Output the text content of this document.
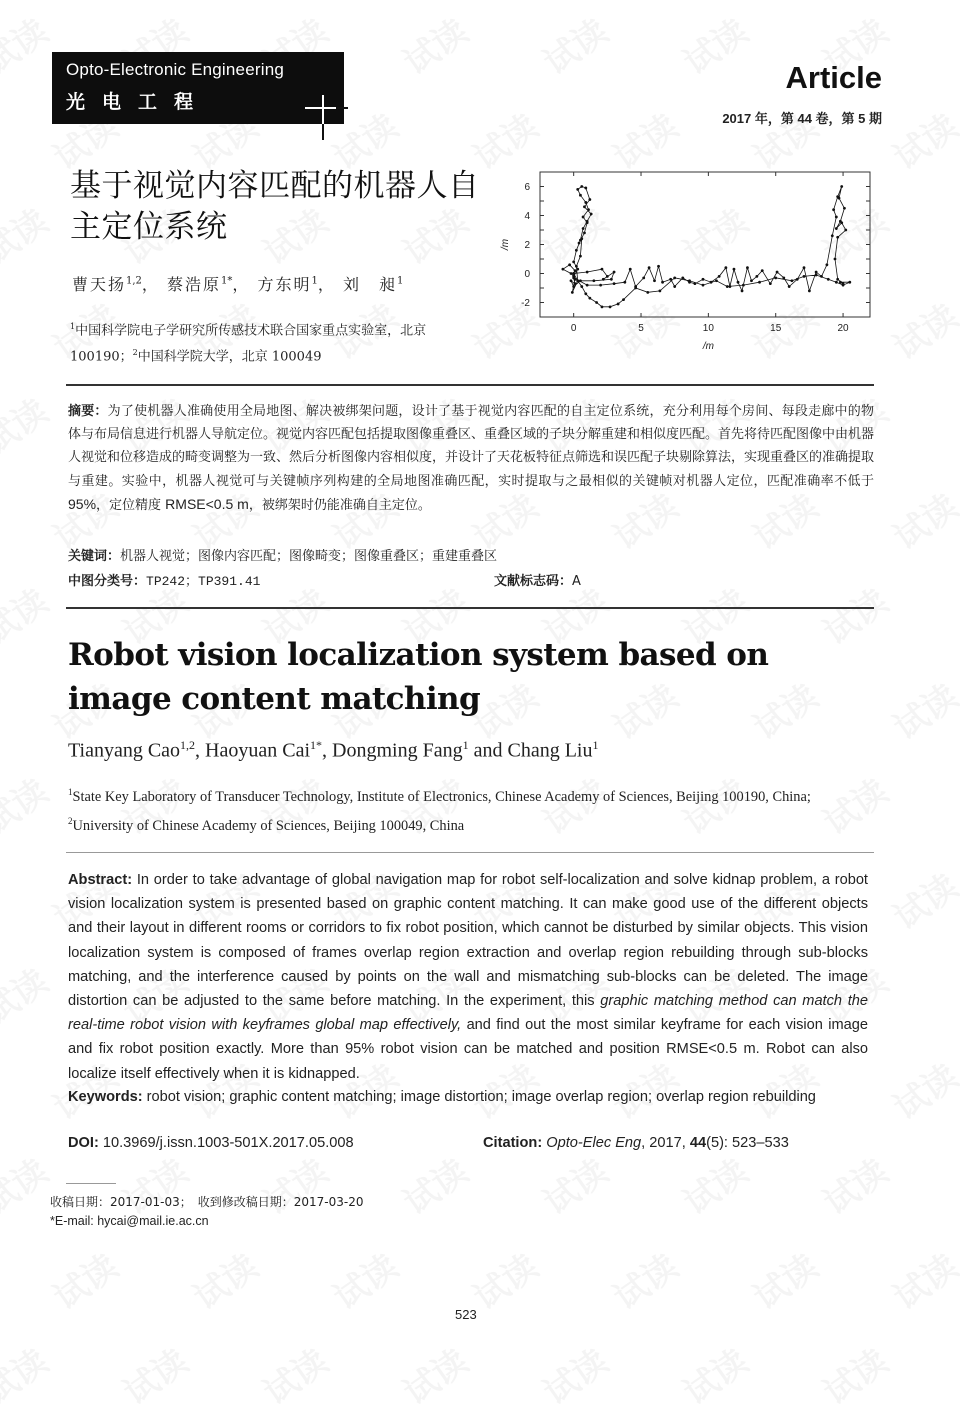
Opto-Electronic Engineering
光电工程
Article
2017 年，第 44 卷，第 5 期
基于视觉内容匹配的机器人自主定位系统
曹天扬$^{1,2}$， 蔡浩原$^{1*}$， 方东明$^1$， 刘　昶$^1$
$^1$中国科学院电子学研究所传感技术联合国家重点实验室，北京 100190；$^2$中国科学院大学，北京 100049
0	5	10	15	20
-2
0
2
4
6
/m
/m
摘要：为了使机器人准确使用全局地图、解决被绑架问题，设计了基于视觉内容匹配的自主定位系统，充分利用每个房间、每段走廊中的物体与布局信息进行机器人导航定位。视觉内容匹配包括提取图像重叠区、重叠区域的子块分解重建和相似度匹配。首先将待匹配图像中由机器人视觉和位移造成的畸变调整为一致、然后分析图像内容相似度，并设计了天花板特征点筛选和误匹配子块剔除算法，实现重叠区的准确提取与重建。实验中，机器人视觉可与关键帧序列构建的全局地图准确匹配，实时提取与之最相似的关键帧对机器人定位，匹配准确率不低于 95%，定位精度 RMSE<0.5 m，被绑架时仍能准确自主定位。
关键词：机器人视觉；图像内容匹配；图像畸变；图像重叠区；重建重叠区
中图分类号：TP242；TP391.41	文献标志码：A
Robot vision localization system based on image content matching
Tianyang Cao$^{1,2}$, Haoyuan Cai$^{1*}$, Dongming Fang$^1$ and Chang Liu$^1$
$^1$State Key Laboratory of Transducer Technology, Institute of Electronics, Chinese Academy of Sciences, Beijing 100190, China;
$^2$University of Chinese Academy of Sciences, Beijing 100049, China
Abstract: In order to take advantage of global navigation map for robot self-localization and solve kidnap problem, a robot vision localization system is presented based on graphic content matching. It can make good use of the different objects and their layout in different rooms or corridors to fix robot position, which cannot be disturbed by similar objects. This vision localization system is composed of frames overlap region extraction and overlap region rebuilding through sub-blocks matching, and the interference caused by points on the wall and mismatching sub-blocks can be deleted. The image distortion can be adjusted to the same before matching. In the experiment, this graphic matching method can match the real-time robot vision with keyframes global map effectively, and find out the most similar keyframe for each vision image and fix robot position exactly. More than 95% robot vision can be matched and position RMSE<0.5 m. Robot can also localize itself effectively when it is kidnapped.
Keywords: robot vision; graphic content matching; image distortion; image overlap region; overlap region rebuilding
DOI: 10.3969/j.issn.1003-501X.2017.05.008	Citation: Opto-Elec Eng, 2017, 44(5): 523–533
收稿日期：2017-01-03；　收到修改稿日期：2017-03-20
*E-mail: hycai@mail.ie.ac.cn
523
